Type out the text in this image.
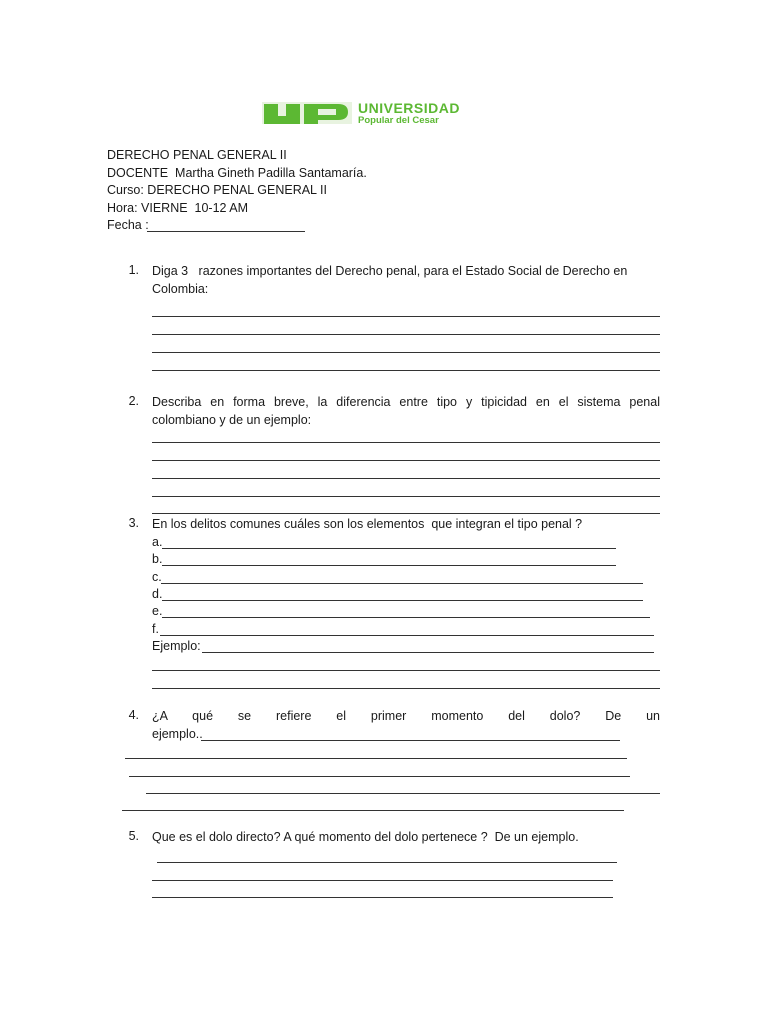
UNIVERSIDAD
Popular del Cesar
DERECHO PENAL GENERAL II
DOCENTE  Martha Gineth Padilla Santamaría.
Curso: DERECHO PENAL GENERAL II
Hora: VIERNE  10-12 AM
Fecha :
1. Diga 3   razones importantes del Derecho penal, para el Estado Social de Derecho en
Colombia:
2. Describa en forma breve, la diferencia entre tipo y tipicidad en el sistema penal
colombiano y de un ejemplo:
3. En los delitos comunes cuáles son los elementos  que integran el tipo penal ?
a.
b.
c.
d.
e.
f.
Ejemplo:
4. ¿A qué se refiere el primer momento del dolo? De un
ejemplo..
5. Que es el dolo directo? A qué momento del dolo pertenece ?  De un ejemplo.
